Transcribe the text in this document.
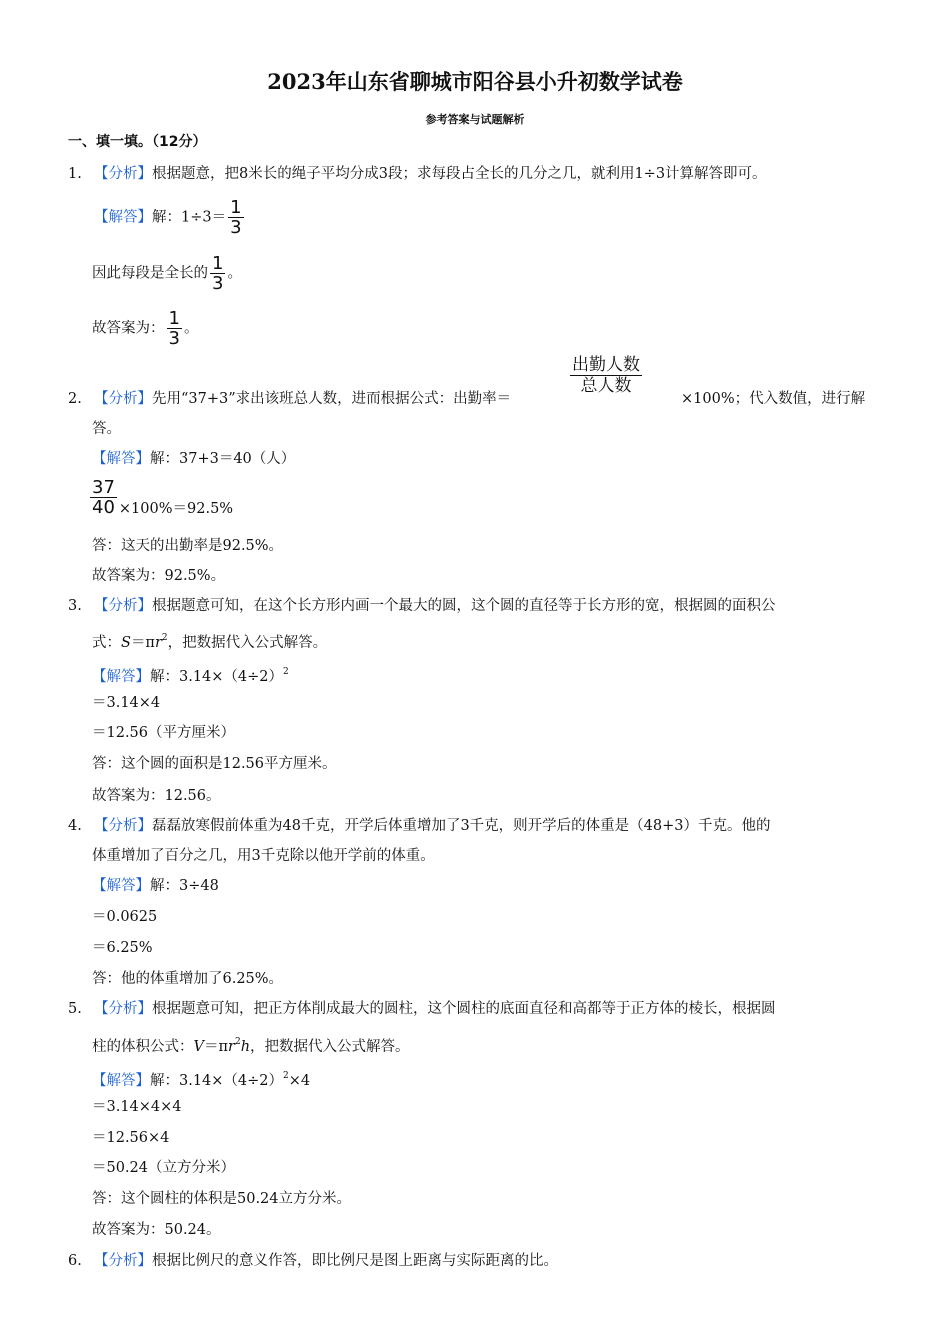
2023年山东省聊城市阳谷县小升初数学试卷
参考答案与试题解析
一、填一填。（12分）
1. 【分析】根据题意，把8米长的绳子平均分成3段；求每段占全长的几分之几，就利用1÷3计算解答即可。
【解答】解：$1\div 3= \frac{1}{3}$
因此每段是全长的 $\frac{1}{3}$ 。
故答案为： $\frac{1}{3}$ 。
2. 【分析】先用“37+3”求出该班总人数，进而根据公式：出勤率＝
$\frac{\text{出勤人数}}{\text{总人数}}$
×100%；代入数值，进行解
答。
【解答】解：37+3＝40（人）
$\frac{37}{40} \times 100\%=92.5\%$
答：这天的出勤率是92.5%。
故答案为：92.5%。
3. 【分析】根据题意可知，在这个长方形内画一个最大的圆，这个圆的直径等于长方形的宽，根据圆的面积公
式：$S=\pi r^2$，把数据代入公式解答。
【解答】解：$3.14\times(4\div 2)^2$
＝3.14×4
＝12.56（平方厘米）
答：这个圆的面积是12.56平方厘米。
故答案为：12.56。
4. 【分析】磊磊放寒假前体重为48千克，开学后体重增加了3千克，则开学后的体重是（48+3）千克。他的
体重增加了百分之几，用3千克除以他开学前的体重。
【解答】解：3÷48
＝0.0625
＝6.25%
答：他的体重增加了6.25%。
5. 【分析】根据题意可知，把正方体削成最大的圆柱，这个圆柱的底面直径和高都等于正方体的棱长，根据圆
柱的体积公式：$V=\pi r^2h$，把数据代入公式解答。
【解答】解：$3.14\times(4\div 2)^2\times 4$
＝3.14×4×4
＝12.56×4
＝50.24（立方分米）
答：这个圆柱的体积是50.24立方分米。
故答案为：50.24。
6. 【分析】根据比例尺的意义作答，即比例尺是图上距离与实际距离的比。
